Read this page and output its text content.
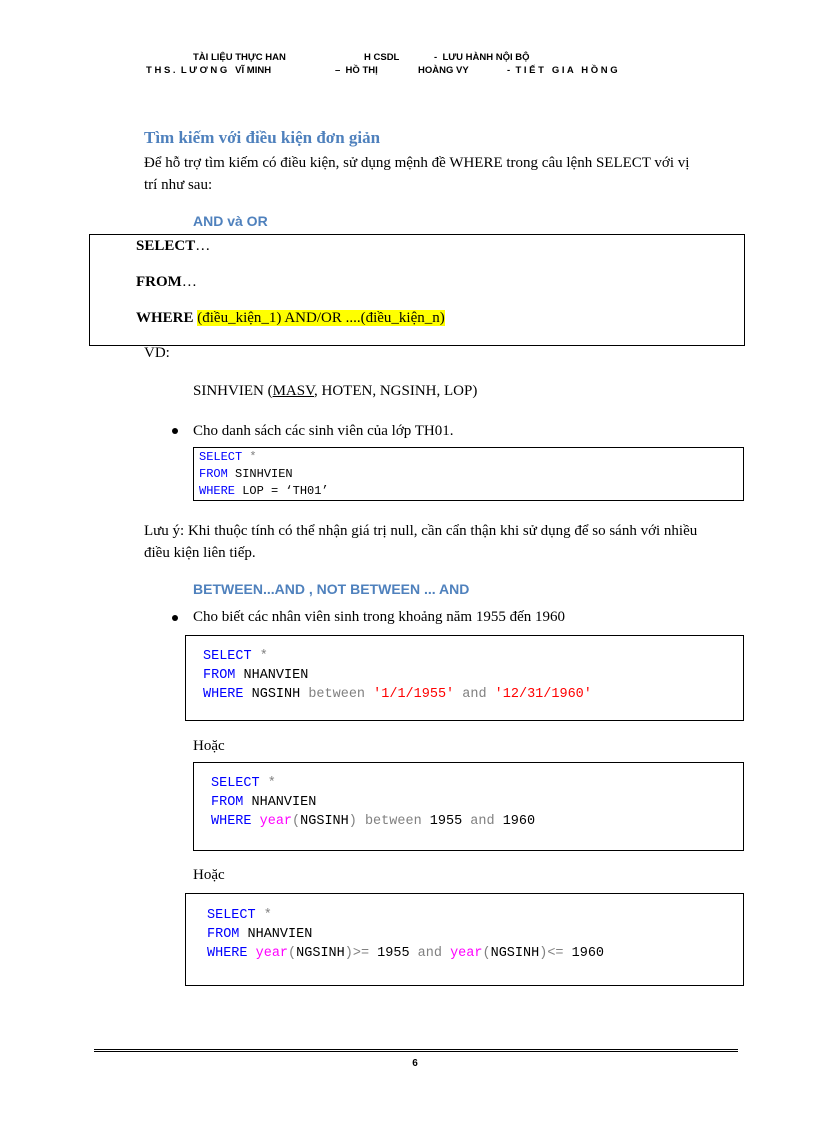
TÀI LIỆU THỰC HAN	H CSDL	-  LƯU HÀNH NỘI BỘ
T H S .  L Ư Ơ N G   VĨ MINH	–  HỒ THỊ	HOÀNG VY	-  T I Ế T   G I A   H Ồ N G
Tìm kiếm với điều kiện đơn giản
Để hỗ trợ tìm kiếm có điều kiện, sử dụng mệnh đề WHERE trong câu lệnh SELECT với vị
trí như sau:
AND và OR
SELECT…
FROM…
WHERE (điều_kiện_1) AND/OR ....(điều_kiện_n)
VD:
SINHVIEN (MASV, HOTEN, NGSINH, LOP)
Cho danh sách các sinh viên của lớp TH01.
SELECT *
FROM SINHVIEN
WHERE LOP = ‘TH01’
Lưu ý: Khi thuộc tính có thể nhận giá trị null, cần cẩn thận khi sử dụng để so sánh với nhiều
điều kiện liên tiếp.
BETWEEN...AND , NOT BETWEEN ... AND
Cho biết các nhân viên sinh trong khoảng năm 1955 đến 1960
SELECT *
FROM NHANVIEN
WHERE NGSINH between '1/1/1955' and '12/31/1960'
Hoặc
SELECT *
FROM NHANVIEN
WHERE year(NGSINH) between 1955 and 1960
Hoặc
SELECT *
FROM NHANVIEN
WHERE year(NGSINH)>= 1955 and year(NGSINH)<= 1960
6
